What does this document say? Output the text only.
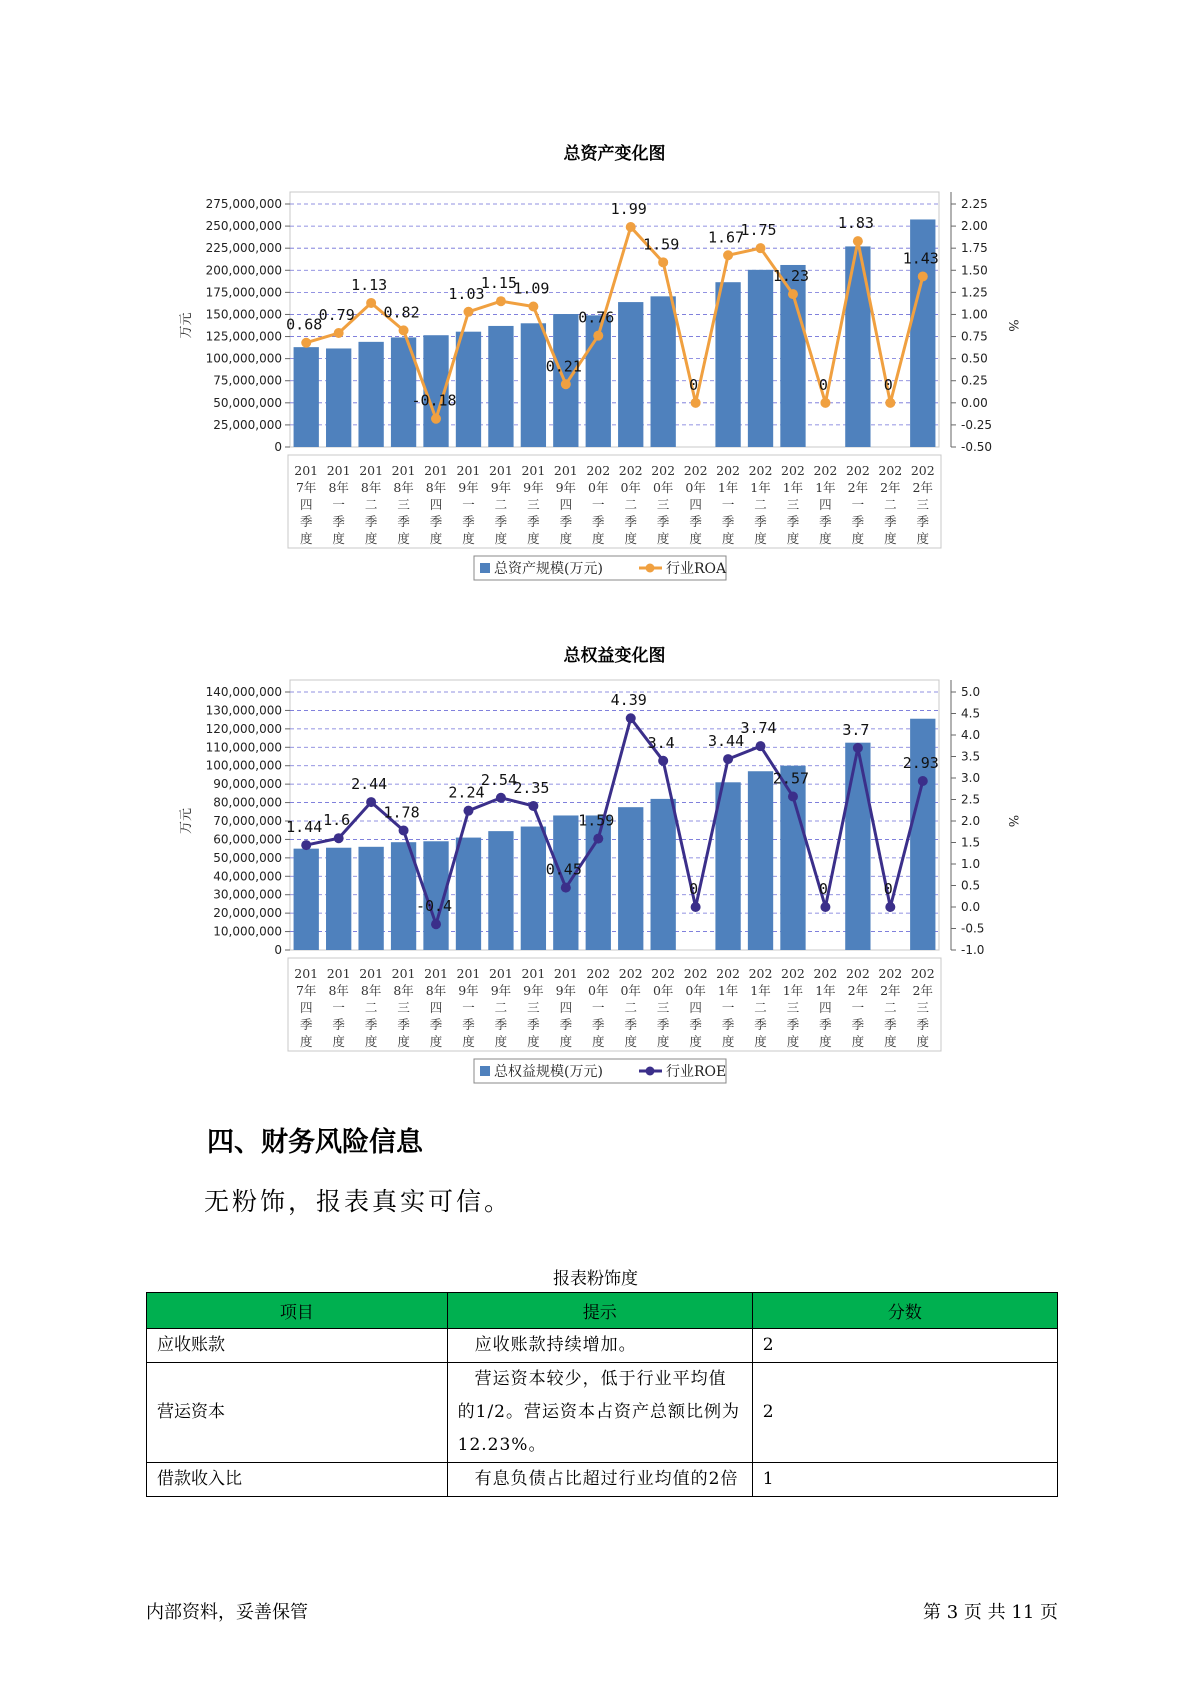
总资产变化图
0
25,000,000
50,000,000
75,000,000
100,000,000
125,000,000
150,000,000
175,000,000
200,000,000
225,000,000
250,000,000
275,000,000
-0.50
-0.25
0.00
0.25
0.50
0.75
1.00
1.25
1.50
1.75
2.00
2.25
万元	%
0.68
0.79
1.13
0.82
-0.18
1.03
1.15
1.09
0.21
0.76
1.99
1.59
0
1.67
1.75
1.23
0
1.83
0
1.43
201
7年
四
季
度
201
8年
一
季
度
201
8年
二
季
度
201
8年
三
季
度
201
8年
四
季
度
201
9年
一
季
度
201
9年
二
季
度
201
9年
三
季
度
201
9年
四
季
度
202
0年
一
季
度
202
0年
二
季
度
202
0年
三
季
度
202
0年
四
季
度
202
1年
一
季
度
202
1年
二
季
度
202
1年
三
季
度
202
1年
四
季
度
202
2年
一
季
度
202
2年
二
季
度
202
2年
三
季
度
总资产规模(万元)	行业ROA
总权益变化图
0
10,000,000
20,000,000
30,000,000
40,000,000
50,000,000
60,000,000
70,000,000
80,000,000
90,000,000
100,000,000
110,000,000
120,000,000
130,000,000
140,000,000
-1.0
-0.5
0.0
0.5
1.0
1.5
2.0
2.5
3.0
3.5
4.0
4.5
5.0
万元	%
1.44 1.6
2.44
1.78
-0.4
2.24
2.54
2.35
0.45
1.59
4.39
3.4
0
3.44
3.74
2.57
0
3.7
0
2.93
201
7年
四
季
度
201
8年
一
季
度
201
8年
二
季
度
201
8年
三
季
度
201
8年
四
季
度
201
9年
一
季
度
201
9年
二
季
度
201
9年
三
季
度
201
9年
四
季
度
202
0年
一
季
度
202
0年
二
季
度
202
0年
三
季
度
202
0年
四
季
度
202
1年
一
季
度
202
1年
二
季
度
202
1年
三
季
度
202
1年
四
季
度
202
2年
一
季
度
202
2年
二
季
度
202
2年
三
季
度
总权益规模(万元)	行业ROE
四、财务风险信息

无粉饰，报表真实可信。

报表粉饰度
项目	提示	分数
应收账款	应收账款持续增加。	2
营运资本	营运资本较少，低于行业平均值的1/2。营运资本占资产总额比例为12.23%。	2
借款收入比	有息负债占比超过行业均值的2倍	1
内部资料，妥善保管	第 3 页 共 11 页
